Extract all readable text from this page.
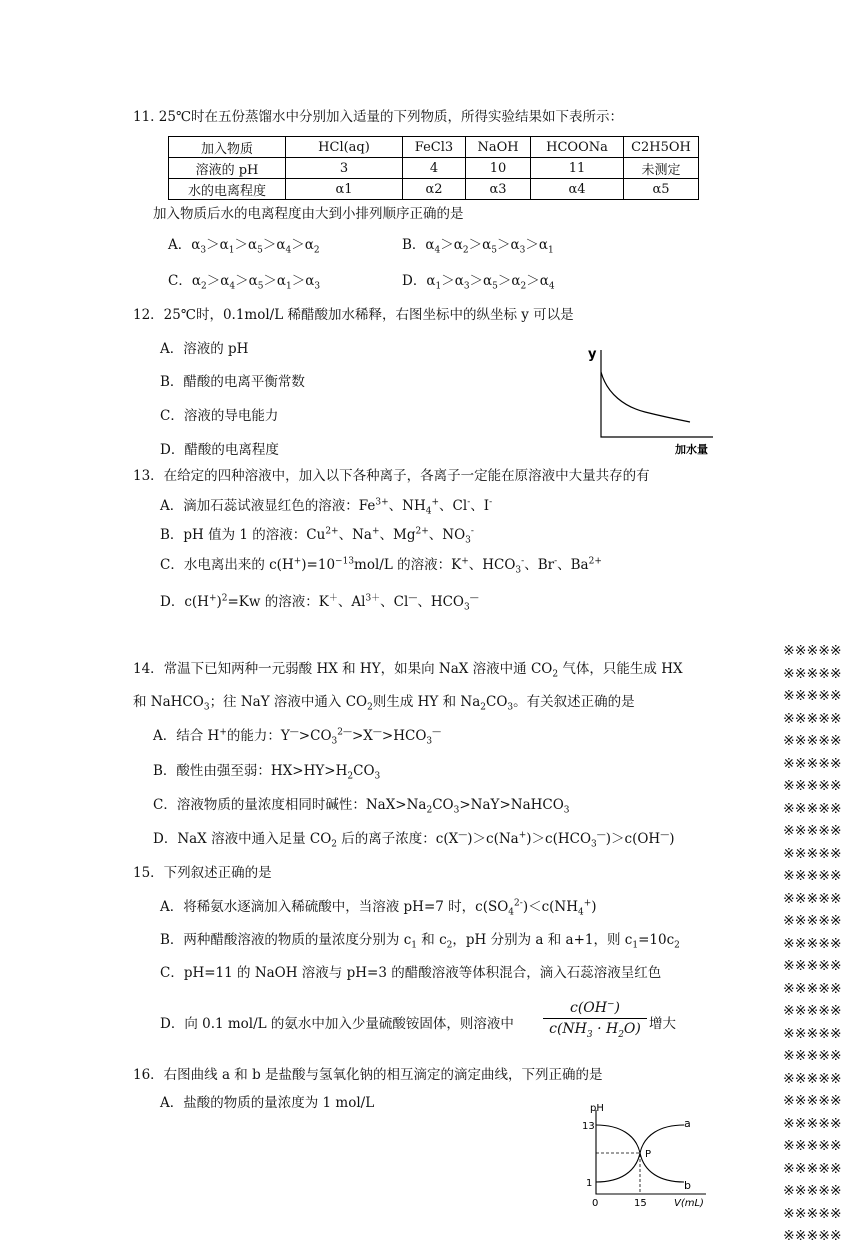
11. 25℃时在五份蒸馏水中分别加入适量的下列物质，所得实验结果如下表所示：
加入物质	HCl(aq)	FeCl3	NaOH	HCOONa	C2H5OH
溶液的 pH	3	4	10	11	未测定
水的电离程度	α1	α2	α3	α4	α5
加入物质后水的电离程度由大到小排列顺序正确的是
A．$\alpha_3>\alpha_1>\alpha_5>\alpha_4>\alpha_2$	B．$\alpha_4>\alpha_2>\alpha_5>\alpha_3>\alpha_1$
C．$\alpha_2>\alpha_4>\alpha_5>\alpha_1>\alpha_3$	D．$\alpha_1>\alpha_3>\alpha_5>\alpha_2>\alpha_4$
12．25℃时，0.1mol/L 稀醋酸加水稀释，右图坐标中的纵坐标 y 可以是
A．溶液的 pH
B．醋酸的电离平衡常数
C．溶液的导电能力
D．醋酸的电离程度
y
加水量
13．在给定的四种溶液中，加入以下各种离子，各离子一定能在原溶液中大量共存的有
A．滴加石蕊试液显红色的溶液：$Fe^{3+}$、$NH_4^+$、Cl-、I-
B．pH 值为 1 的溶液：$Cu^{2+}$、Na+、$Mg^{2+}$、$NO_3^-$
C．水电离出来的 $c(H^+)=10^{-13}mol/L$ 的溶液：K+、$HCO_3^-$、Br-、$Ba^{2+}$
D．$c(H^+)^2=Kw$ 的溶液：K＋、$Al^{3+}$、Cl—、$HCO_3^—$
14．常温下已知两种一元弱酸 HX 和 HY，如果向 NaX 溶液中通 $CO_2$ 气体，只能生成 HX
和 NaHCO$_3$；往 NaY 溶液中通入 $CO_2$则生成 HY 和 $Na_2CO_3$。有关叙述正确的是
A．结合 H+的能力：$Y^—>CO_3^{2—}>X^—>HCO_3^—$
B．酸性由强至弱：$HX>HY>H_2CO_3$
C．溶液物质的量浓度相同时碱性：$NaX>Na_2CO_3>NaY>NaHCO_3$
D．NaX 溶液中通入足量 $CO_2$ 后的离子浓度：$c(X^—)>c(Na^+)>c(HCO_3^—)>c(OH^—)$
15．下列叙述正确的是
A．将稀氨水逐滴加入稀硫酸中，当溶液 pH=7 时，$c(SO_4^{2-})<c(NH_4^+)$
B．两种醋酸溶液的物质的量浓度分别为 $c_1$ 和 $c_2$，pH 分别为 a 和 a+1，则 $c_1=10c_2$
C．pH=11 的 NaOH 溶液与 pH=3 的醋酸溶液等体积混合，滴入石蕊溶液呈红色
D．向 0.1 mol/L 的氨水中加入少量硫酸铵固体，则溶液中 $\frac{c(OH^-)}{c(NH_3 \cdot H_2O)}$ 增大
16．右图曲线 a 和 b 是盐酸与氢氧化钠的相互滴定的滴定曲线，下列正确的是
A．盐酸的物质的量浓度为 1 mol/L	pH
13
1
0	15	V(mL)
a
b
P
※※※※※
※※※※※
※※※※※
※※※※※
※※※※※
※※※※※
※※※※※
※※※※※
※※※※※
※※※※※
※※※※※
※※※※※
※※※※※
※※※※※
※※※※※
※※※※※
※※※※※
※※※※※
※※※※※
※※※※※
※※※※※
※※※※※
※※※※※
※※※※※
※※※※※
※※※※※
※※※※※
